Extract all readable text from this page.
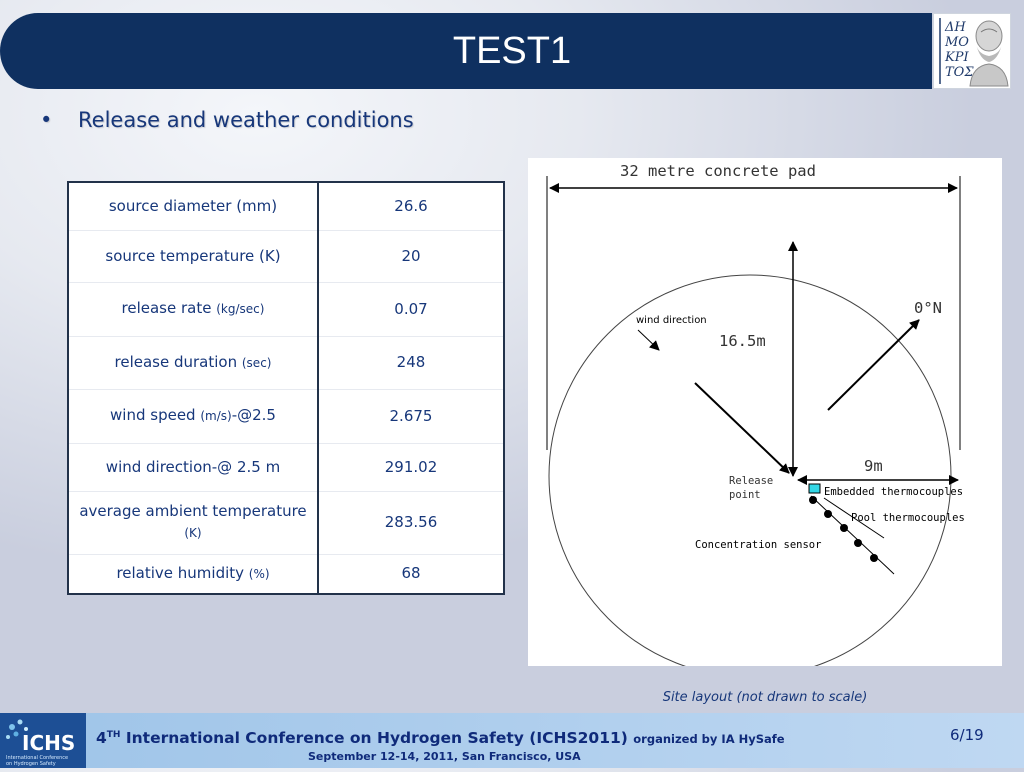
TEST1
ΔΗ
ΜΟ
ΚΡΙ
ΤΟΣ
• Release and weather conditions
source diameter (mm)	26.6
source temperature (K)	20
release rate (kg/sec)	0.07
release duration (sec)	248
wind speed (m/s)-@2.5	2.675
wind direction-@ 2.5 m	291.02
average ambient temperature (K)	283.56
relative humidity (%)	68
32 metre concrete pad
wind direction
16.5m
0°N
9m
Release
point	Embedded thermocouples
Pool thermocouples
Concentration sensor
Site layout (not drawn to scale)
ICHS
International Conference
on Hydrogen Safety
4TH International Conference on Hydrogen Safety (ICHS2011) organized by IA HySafe
September 12-14, 2011, San Francisco, USA
6/19
